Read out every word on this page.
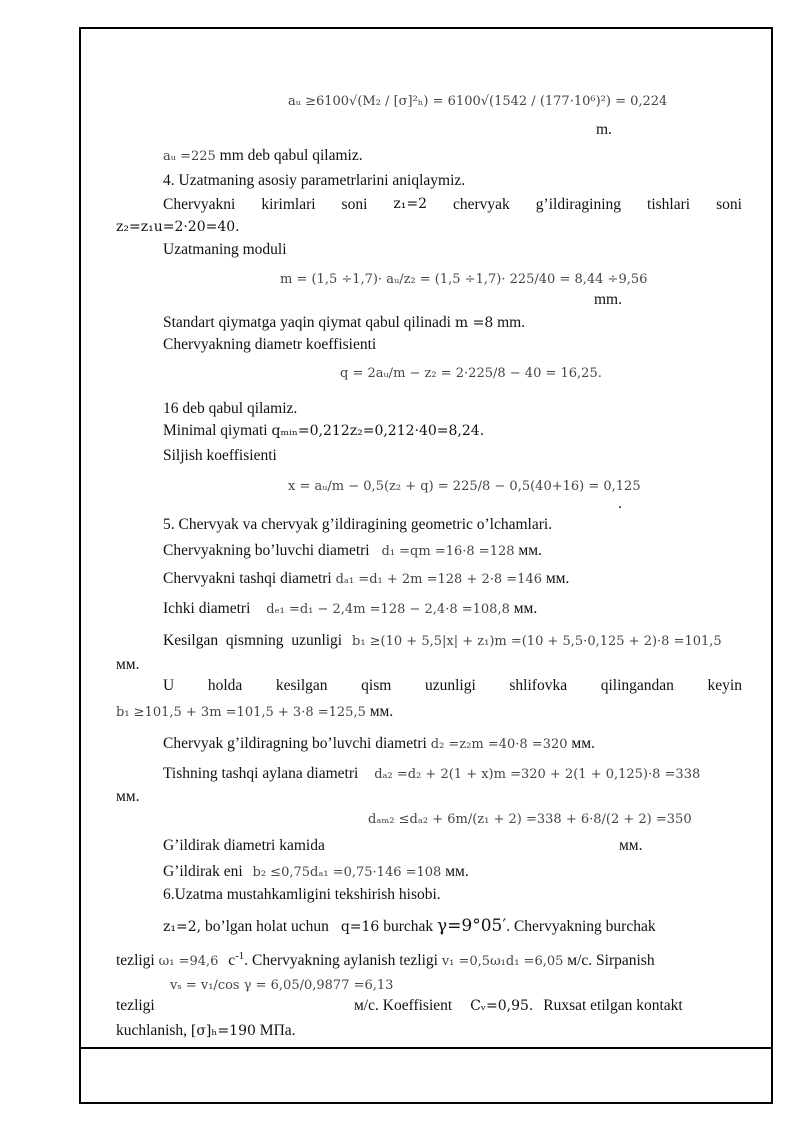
aᵤ ≥6100√(M₂ / [σ]²ₕ) = 6100√(1542 / (177·10⁶)²) = 0,224
m.
aᵤ =225 mm deb qabul qilamiz.
4. Uzatmaning asosiy parametrlarini aniqlaymiz.
Chervyakni kirimlari soni z₁=2 chervyak g’ildiragining tishlari soni
z₂=z₁u=2·20=40.
Uzatmaning moduli
m = (1,5 ÷1,7)· aᵤ/z₂ = (1,5 ÷1,7)· 225/40 = 8,44 ÷9,56
mm.
Standart qiymatga yaqin qiymat qabul qilinadi m =8 mm.
Chervyakning diametr koeffisienti
q = 2aᵤ/m − z₂ = 2·225/8 − 40 = 16,25.
16 deb qabul qilamiz.
Minimal qiymati qₘᵢₙ=0,212z₂=0,212·40=8,24.
Siljish koeffisienti
x = aᵤ/m − 0,5(z₂ + q) = 225/8 − 0,5(40+16) = 0,125
.
5. Chervyak va chervyak g’ildiragining geometric o’lchamlari.
Chervyakning bo’luvchi diametri d₁ =qm =16·8 =128 мм.
Chervyakni tashqi diametri dₐ₁ =d₁ + 2m =128 + 2·8 =146 мм.
Ichki diametri dₑ₁ =d₁ − 2,4m =128 − 2,4·8 =108,8 мм.
Kesilgan qismning uzunligi b₁ ≥(10 + 5,5|x| + z₁)m =(10 + 5,5·0,125 + 2)·8 =101,5
мм.
U holda kesilgan qism uzunligi shlifovka qilingandan keyin
b₁ ≥101,5 + 3m =101,5 + 3·8 =125,5 мм.
Chervyak g’ildiragning bo’luvchi diametri d₂ =z₂m =40·8 =320 мм.
Tishning tashqi aylana diametri dₐ₂ =d₂ + 2(1 + x)m =320 + 2(1 + 0,125)·8 =338
мм.
dₐₘ₂ ≤dₐ₂ + 6m/(z₁ + 2) =338 + 6·8/(2 + 2) =350
G’ildirak diametri kamida	мм.
G’ildirak eni b₂ ≤0,75dₐ₁ =0,75·146 =108 мм.
6.Uzatma mustahkamligini tekshirish hisobi.
z₁=2, bo’lgan holat uchun q=16 burchak γ=9°05′. Chervyakning burchak
tezligi ω₁ =94,6 $c^{-1}$. Chervyakning aylanish tezligi v₁ =0,5ω₁d₁ =6,05 м/c. Sirpanish
vₛ = v₁/cos γ = 6,05/0,9877 =6,13
tezligi	м/c. Koeffisient Cᵥ=0,95. Ruxsat etilgan kontakt
kuchlanish, [σ]ₕ=190 МПа.
